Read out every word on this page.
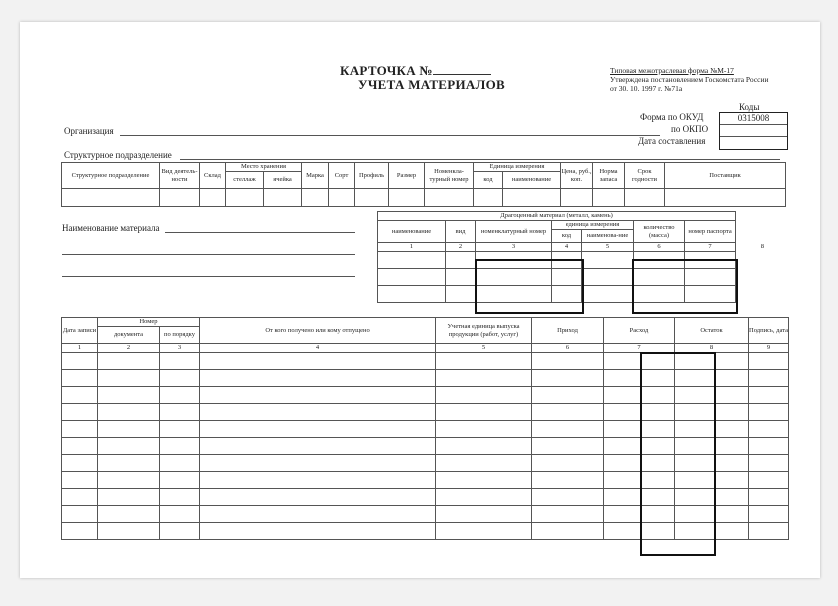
КАРТОЧКА №
УЧЕТА МАТЕРИАЛОВ
Типовая межотраслевая форма №М-17
Утверждена постановлением Госкомстата России
от 30. 10. 1997 г. №71а
Коды
0315008
Форма по ОКУД
по ОКПО
Дата составления
Организация
Структурное подразделение
Структурное подразделение	Вид деятель-ности	Склад	Место хранения		Марка	Сорт	Профиль	Размер	Номенкла-турный номер	Единица измерения		Цена, руб., коп.	Норма запаса	Срок годности	Поставщик
			стеллаж	ячейка						код	наименование				

Наименование материала
Драгоценный материал (металл, камень)							
наименование	вид	номенклатурный номер	единица измерения		количество (масса)	номер паспорта	
			код	наименова-ние			
1	2	3	4	5	6	7	8

Дата записи	Номер		От кого получено или кому отпущено	Учетная единица выпуска продукции (работ, услуг)	Приход	Расход	Остаток	Подпись, дата
	документа	по порядку						
1	2	3	4	5	6	7	8	9
